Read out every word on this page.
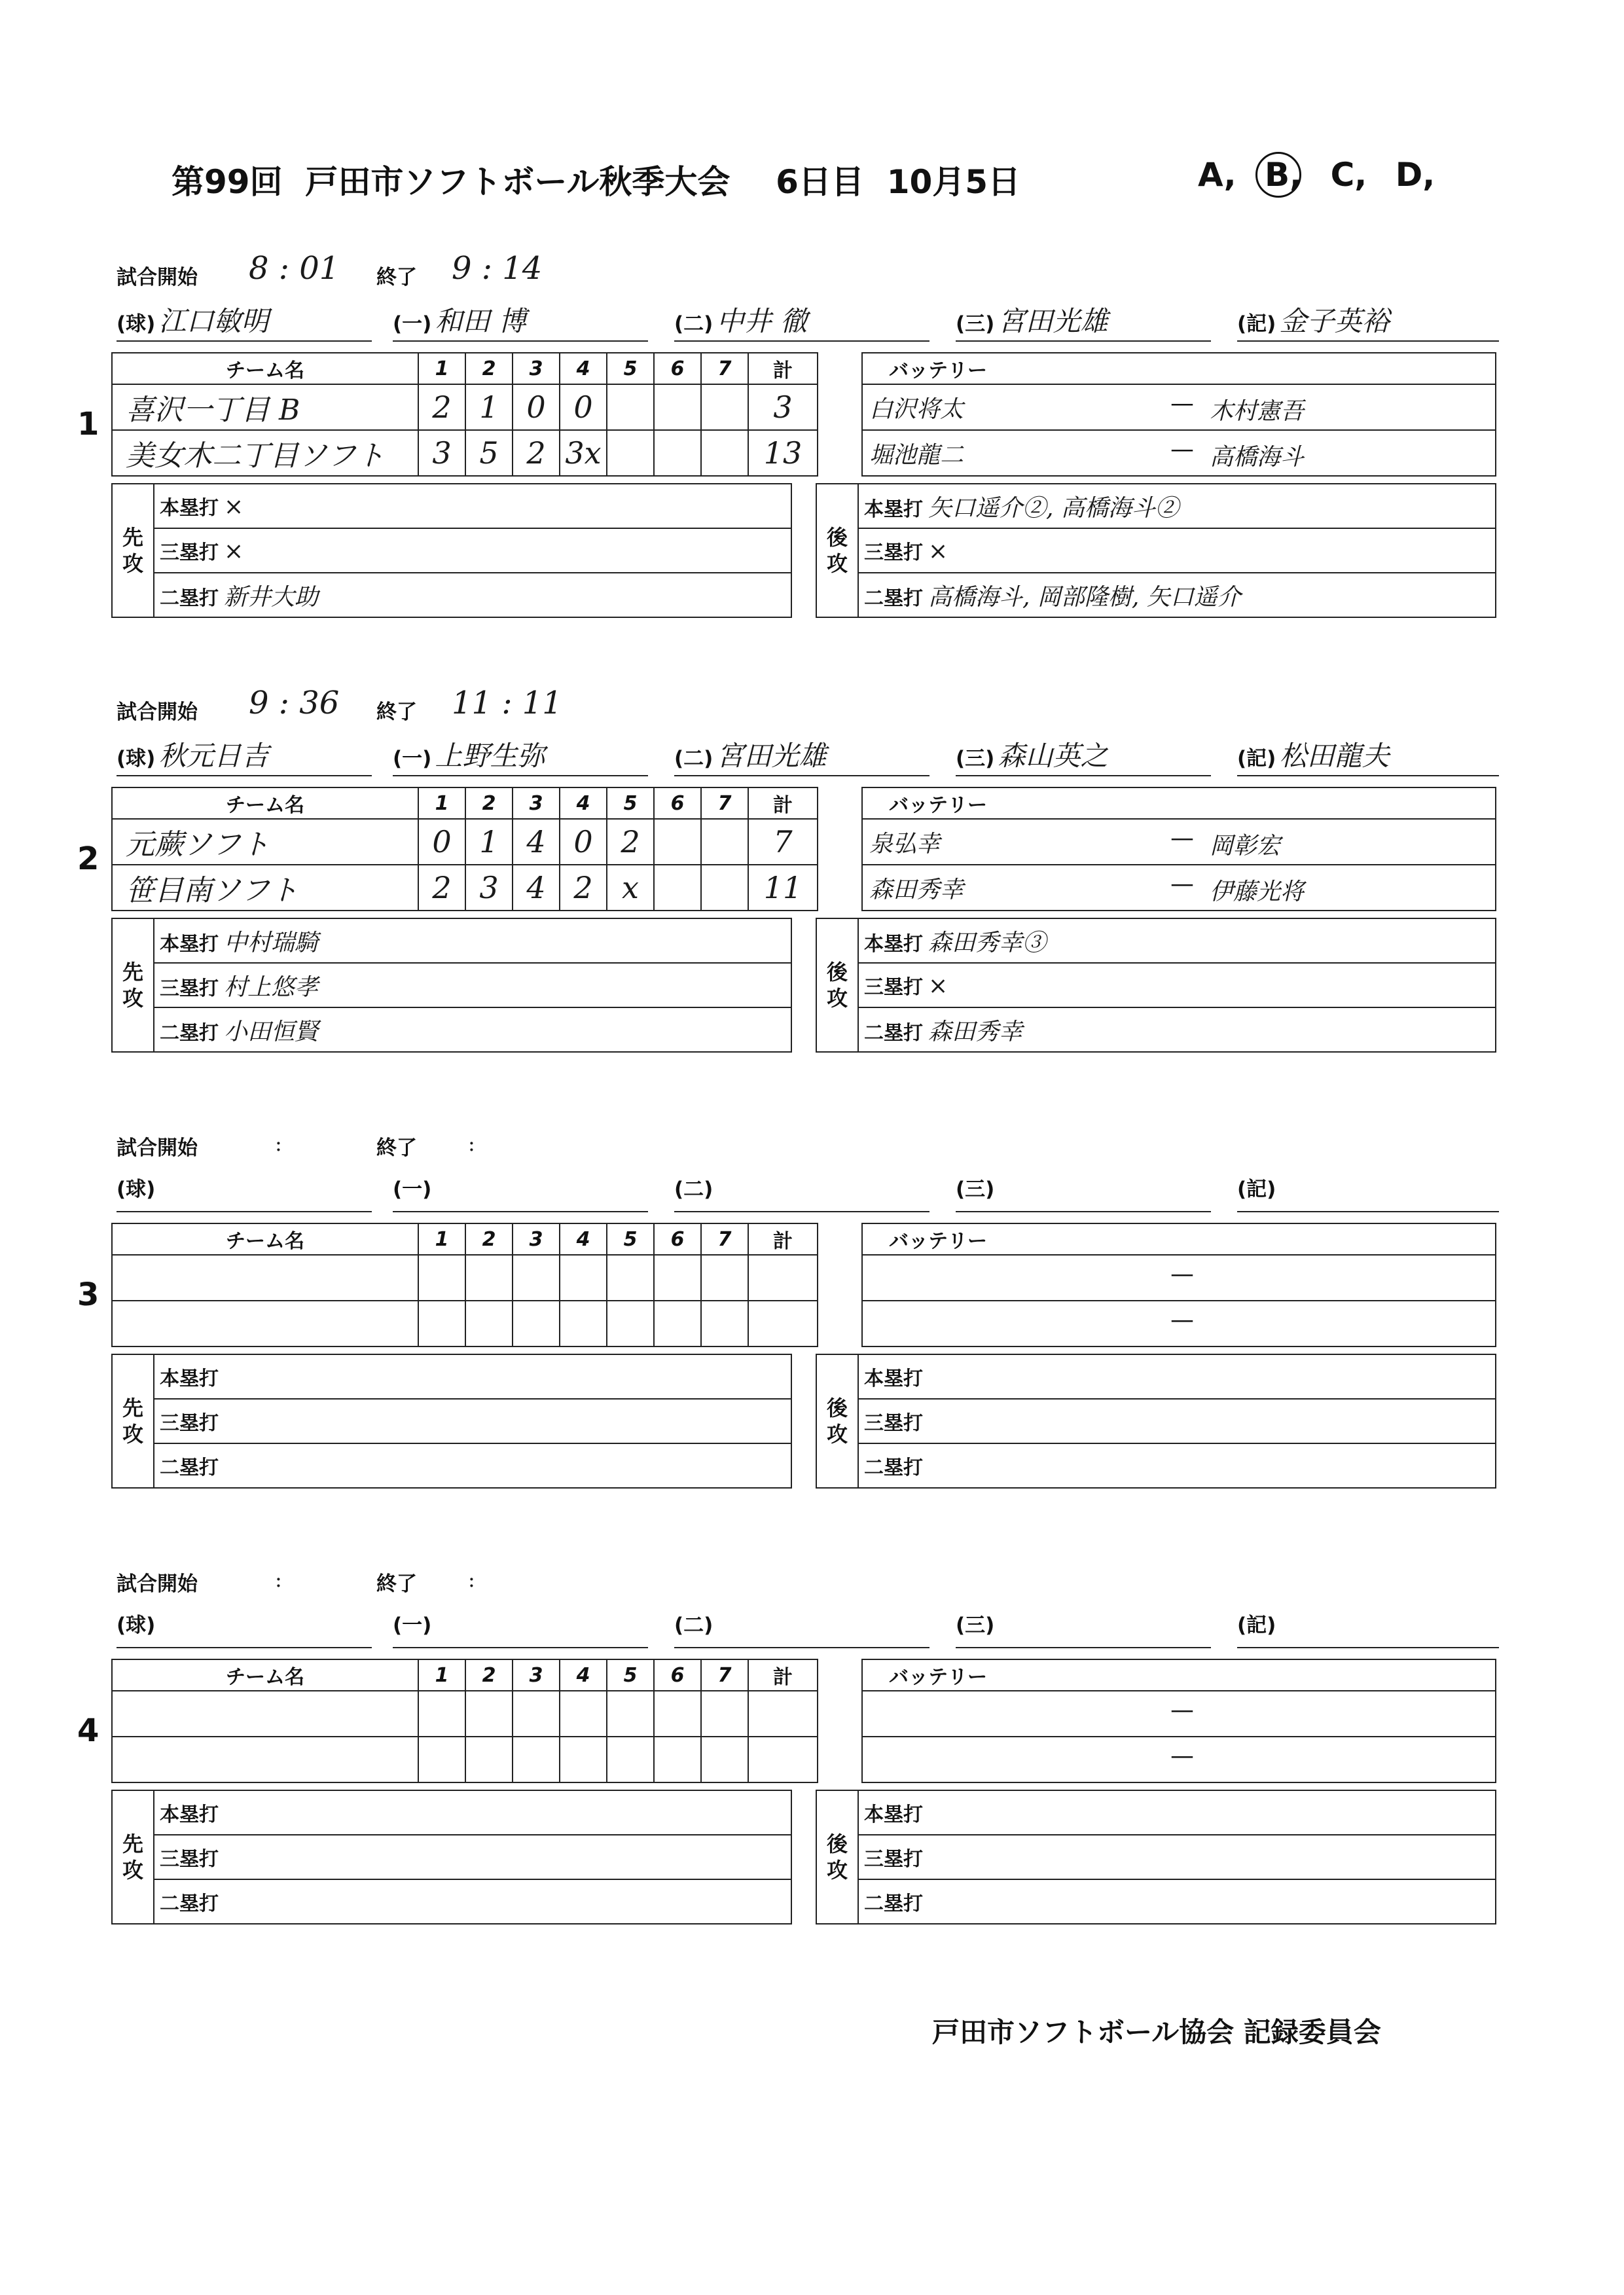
第99回 戸田市ソフトボール秋季大会 6日目 10月5日	A, B, C, D,
試合開始 8 : 01 終了 9 : 14
(球) 江口敏明	(一) 和田 博	(二) 中井 徹	(三) 宮田光雄	(記) 金子英裕
1
チーム名	1	2	3	4	5	6	7	計
喜沢一丁目 B	2	1	0	0				3
美女木二丁目ソフト	3	5	2	3x				13
バッテリー
白沢将太	— 木村憲吾

堀池龍二	— 高橋海斗
先
攻	本塁打 ×
三塁打 ×
二塁打 新井大助
後
攻	本塁打 矢口遥介②, 高橋海斗②
三塁打 ×
二塁打 高橋海斗, 岡部隆樹, 矢口遥介
試合開始 9 : 36 終了 11 : 11
(球) 秋元日吉	(一) 上野生弥	(二) 宮田光雄	(三) 森山英之	(記) 松田龍夫
2
チーム名	1	2	3	4	5	6	7	計
元蕨ソフト	0	1	4	0	2			7
笹目南ソフト	2	3	4	2	x			11
バッテリー
泉弘幸	— 岡彰宏

森田秀幸	— 伊藤光将
先
攻	本塁打 中村瑞騎
三塁打 村上悠孝
二塁打 小田恒賢
後
攻	本塁打 森田秀幸③
三塁打 ×
二塁打 森田秀幸
試合開始	:	終了 :
(球)	(一)	(二)	(三)	(記)
3
チーム名	1	2	3	4	5	6	7	計

									バッテリー

—

—
先
攻	本塁打
三塁打
二塁打
後
攻	本塁打
三塁打
二塁打
試合開始	:	終了 :
(球)	(一)	(二)	(三)	(記)
4
チーム名	1	2	3	4	5	6	7	計

									バッテリー

—

—
先
攻	本塁打
三塁打
二塁打
後
攻	本塁打
三塁打
二塁打
戸田市ソフトボール協会 記録委員会
